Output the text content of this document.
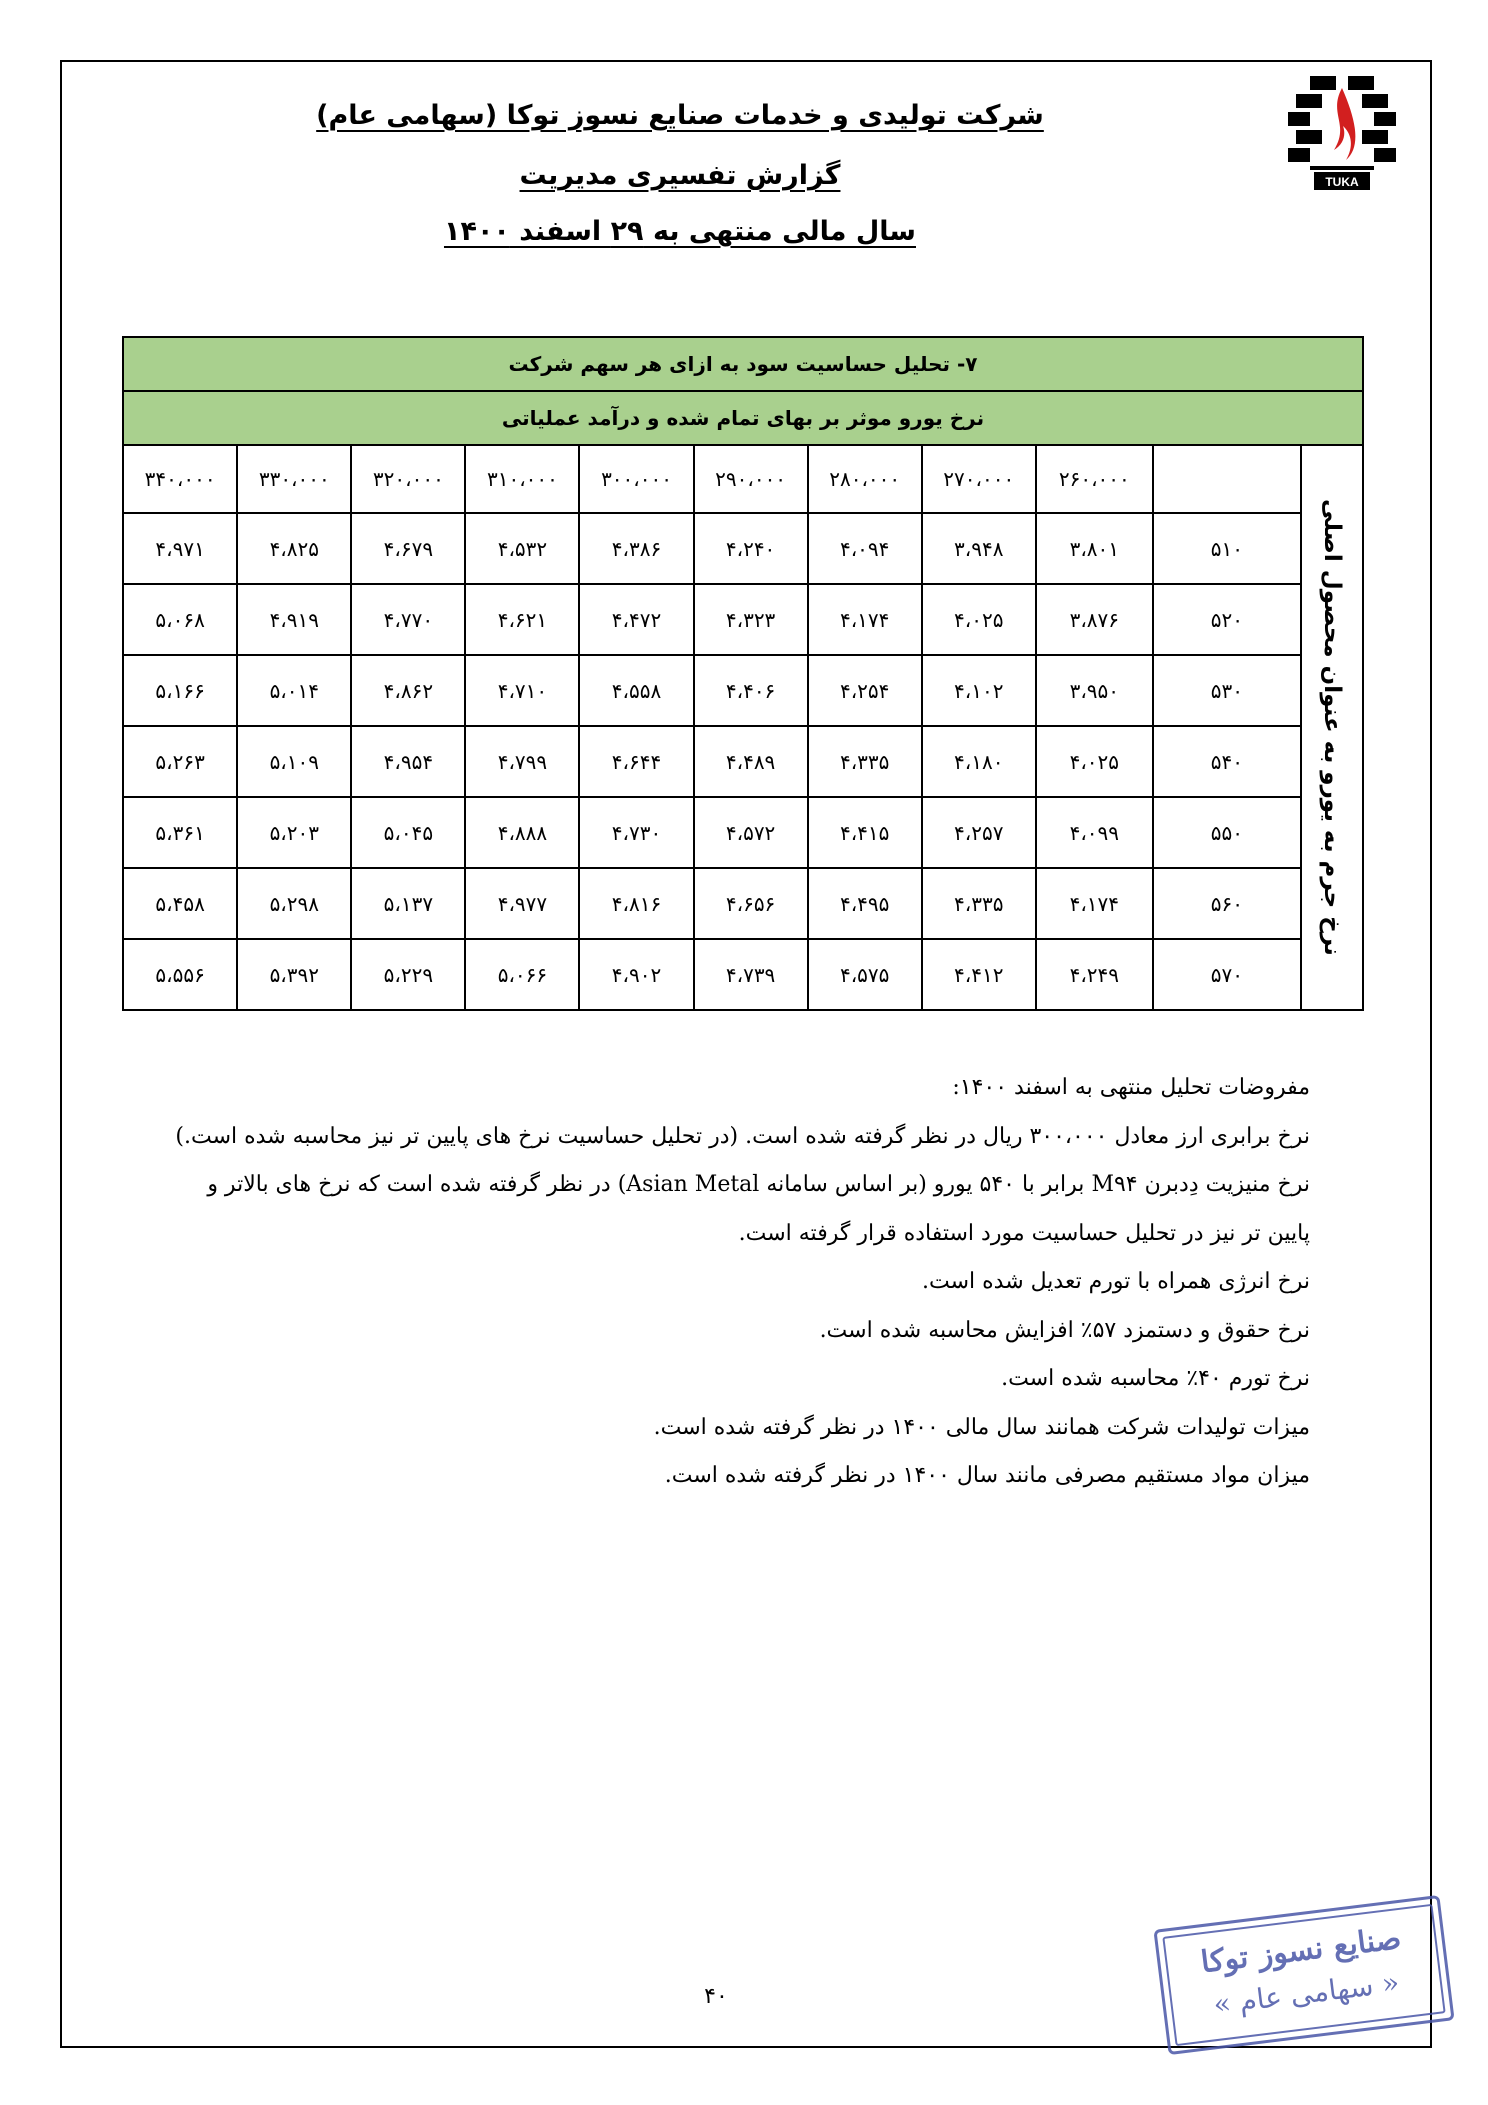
TUKA
شرکت تولیدی و خدمات صنایع نسوز توکا (سهامی عام)
گزارش تفسیری مدیریت
سال مالی منتهی به ۲۹ اسفند ۱۴۰۰
۷- تحلیل حساسیت سود به ازای هر سهم شرکت										
نرخ یورو موثر بر بهای تمام شده و درآمد عملیاتی										

نرخ جرم به یورو به عنوان محصول اصلی		۲۶۰،۰۰۰	۲۷۰،۰۰۰	۲۸۰،۰۰۰	۲۹۰،۰۰۰	۳۰۰،۰۰۰	۳۱۰،۰۰۰	۳۲۰،۰۰۰	۳۳۰،۰۰۰	۳۴۰،۰۰۰
	۵۱۰	۳،۸۰۱	۳،۹۴۸	۴،۰۹۴	۴،۲۴۰	۴،۳۸۶	۴،۵۳۲	۴،۶۷۹	۴،۸۲۵	۴،۹۷۱
	۵۲۰	۳،۸۷۶	۴،۰۲۵	۴،۱۷۴	۴،۳۲۳	۴،۴۷۲	۴،۶۲۱	۴،۷۷۰	۴،۹۱۹	۵،۰۶۸
	۵۳۰	۳،۹۵۰	۴،۱۰۲	۴،۲۵۴	۴،۴۰۶	۴،۵۵۸	۴،۷۱۰	۴،۸۶۲	۵،۰۱۴	۵،۱۶۶
	۵۴۰	۴،۰۲۵	۴،۱۸۰	۴،۳۳۵	۴،۴۸۹	۴،۶۴۴	۴،۷۹۹	۴،۹۵۴	۵،۱۰۹	۵،۲۶۳
	۵۵۰	۴،۰۹۹	۴،۲۵۷	۴،۴۱۵	۴،۵۷۲	۴،۷۳۰	۴،۸۸۸	۵،۰۴۵	۵،۲۰۳	۵،۳۶۱
	۵۶۰	۴،۱۷۴	۴،۳۳۵	۴،۴۹۵	۴،۶۵۶	۴،۸۱۶	۴،۹۷۷	۵،۱۳۷	۵،۲۹۸	۵،۴۵۸
	۵۷۰	۴،۲۴۹	۴،۴۱۲	۴،۵۷۵	۴،۷۳۹	۴،۹۰۲	۵،۰۶۶	۵،۲۲۹	۵،۳۹۲	۵،۵۵۶

مفروضات تحلیل منتهی به اسفند ۱۴۰۰:

نرخ برابری ارز معادل ۳۰۰،۰۰۰ ریال در نظر گرفته شده است. (در تحلیل حساسیت نرخ های پایین تر نیز محاسبه شده است.)

نرخ منیزیت دِدبرن M۹۴ برابر با ۵۴۰ یورو (بر اساس سامانه Asian Metal) در نظر گرفته شده است که نرخ های بالاتر و پایین تر نیز در تحلیل حساسیت مورد استفاده قرار گرفته است.

نرخ انرژی همراه با تورم تعدیل شده است.

نرخ حقوق و دستمزد ۵۷٪ افزایش محاسبه شده است.

نرخ تورم ۴۰٪ محاسبه شده است.

میزات تولیدات شرکت همانند سال مالی ۱۴۰۰ در نظر گرفته شده است.

میزان مواد مستقیم مصرفی مانند سال ۱۴۰۰ در نظر گرفته شده است.

۴۰
صنایع نسوز توکا
« سهامی عام »
